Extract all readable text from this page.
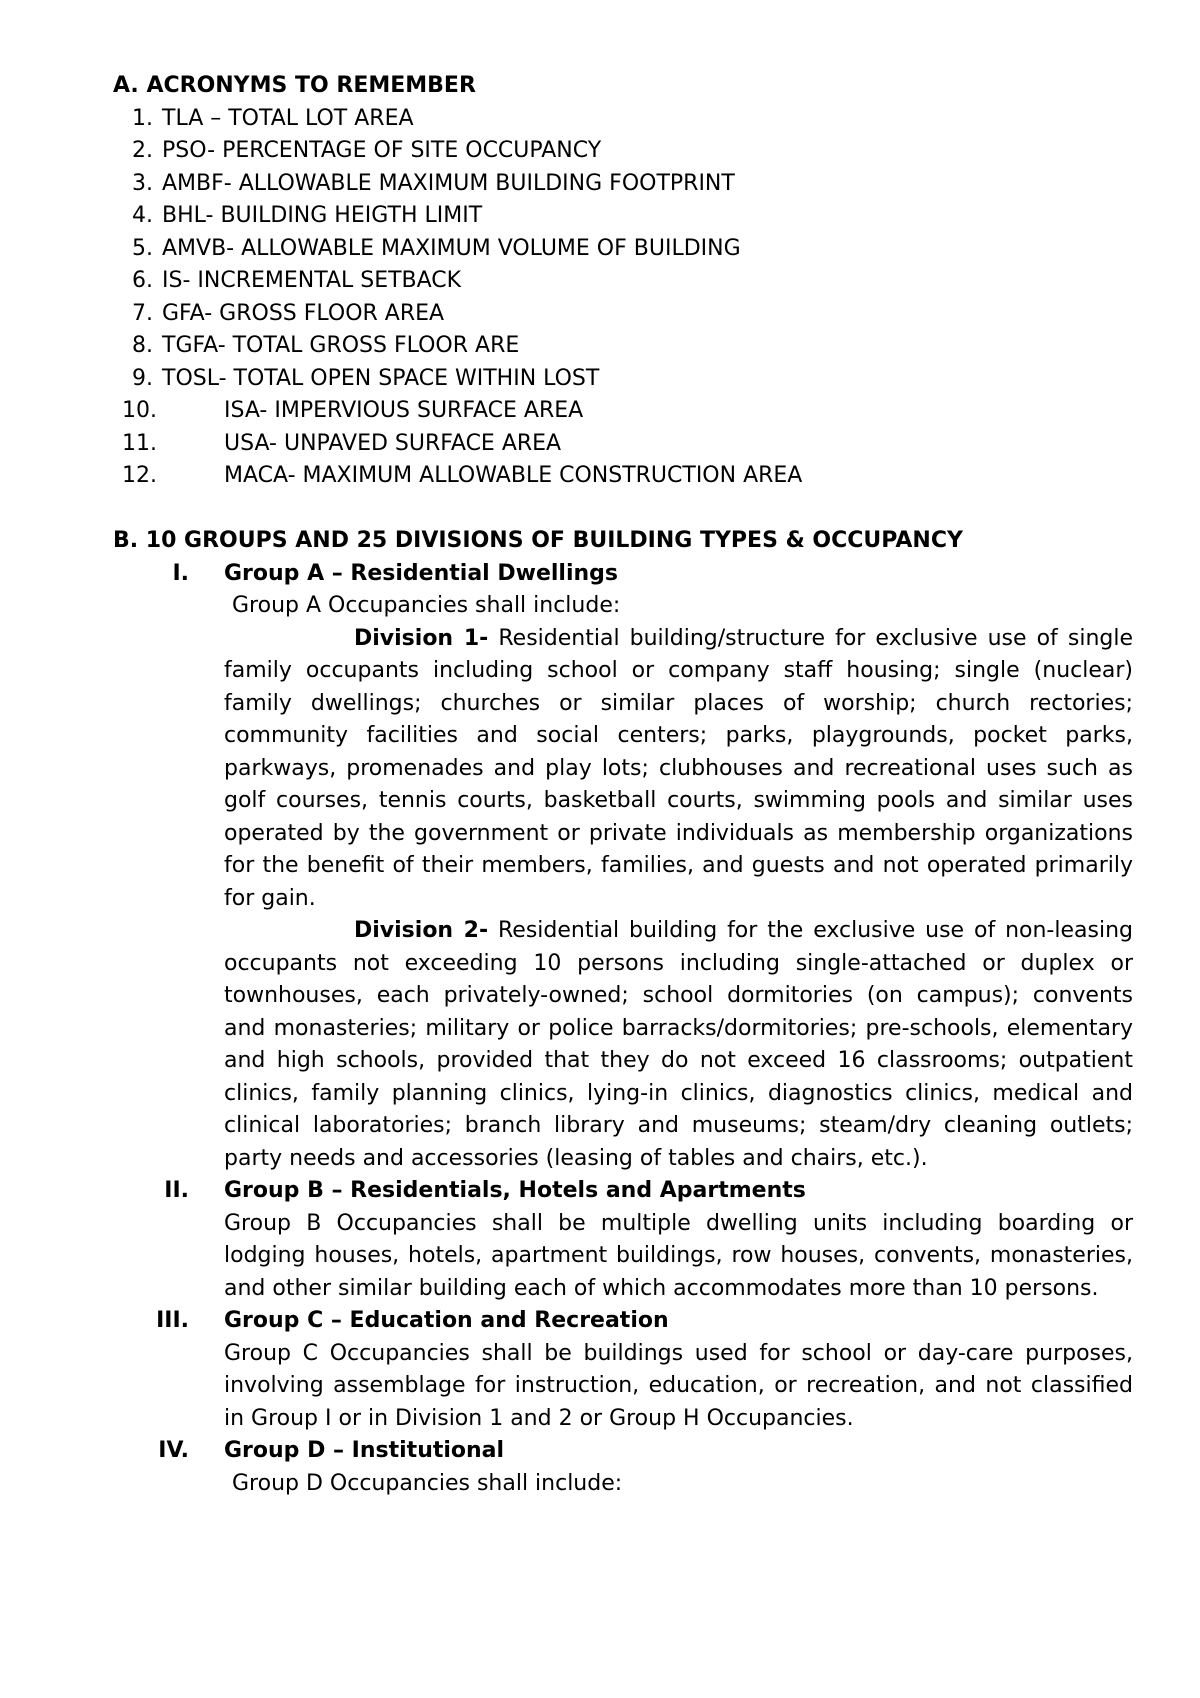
A. ACRONYMS TO REMEMBER
1. TLA – TOTAL LOT AREA
2. PSO- PERCENTAGE OF SITE OCCUPANCY
3. AMBF- ALLOWABLE MAXIMUM BUILDING FOOTPRINT
4. BHL- BUILDING HEIGTH LIMIT
5. AMVB- ALLOWABLE MAXIMUM VOLUME OF BUILDING
6. IS- INCREMENTAL SETBACK
7. GFA- GROSS FLOOR AREA
8. TGFA- TOTAL GROSS FLOOR ARE
9. TOSL- TOTAL OPEN SPACE WITHIN LOST
10.	ISA- IMPERVIOUS SURFACE AREA
11.	USA- UNPAVED SURFACE AREA
12.	MACA- MAXIMUM ALLOWABLE CONSTRUCTION AREA
B. 10 GROUPS AND 25 DIVISIONS OF BUILDING TYPES & OCCUPANCY
I. Group A – Residential Dwellings
Group A Occupancies shall include:
Division 1- Residential building/structure for exclusive use of single family occupants including school or company staff housing; single (nuclear) family dwellings; churches or similar places of worship; church rectories; community facilities and social centers; parks, playgrounds, pocket parks, parkways, promenades and play lots; clubhouses and recreational uses such as golf courses, tennis courts, basketball courts, swimming pools and similar uses operated by the government or private individuals as membership organizations for the benefit of their members, families, and guests and not operated primarily for gain.
Division 2- Residential building for the exclusive use of non-leasing occupants not exceeding 10 persons including single-attached or duplex or townhouses, each privately-owned; school dormitories (on campus); convents and monasteries; military or police barracks/dormitories; pre-schools, elementary and high schools, provided that they do not exceed 16 classrooms; outpatient clinics, family planning clinics, lying-in clinics, diagnostics clinics, medical and clinical laboratories; branch library and museums; steam/dry cleaning outlets; party needs and accessories (leasing of tables and chairs, etc.).
II. Group B – Residentials, Hotels and Apartments
Group B Occupancies shall be multiple dwelling units including boarding or lodging houses, hotels, apartment buildings, row houses, convents, monasteries, and other similar building each of which accommodates more than 10 persons.
III. Group C – Education and Recreation
Group C Occupancies shall be buildings used for school or day-care purposes, involving assemblage for instruction, education, or recreation, and not classified in Group I or in Division 1 and 2 or Group H Occupancies.
IV. Group D – Institutional
Group D Occupancies shall include:
